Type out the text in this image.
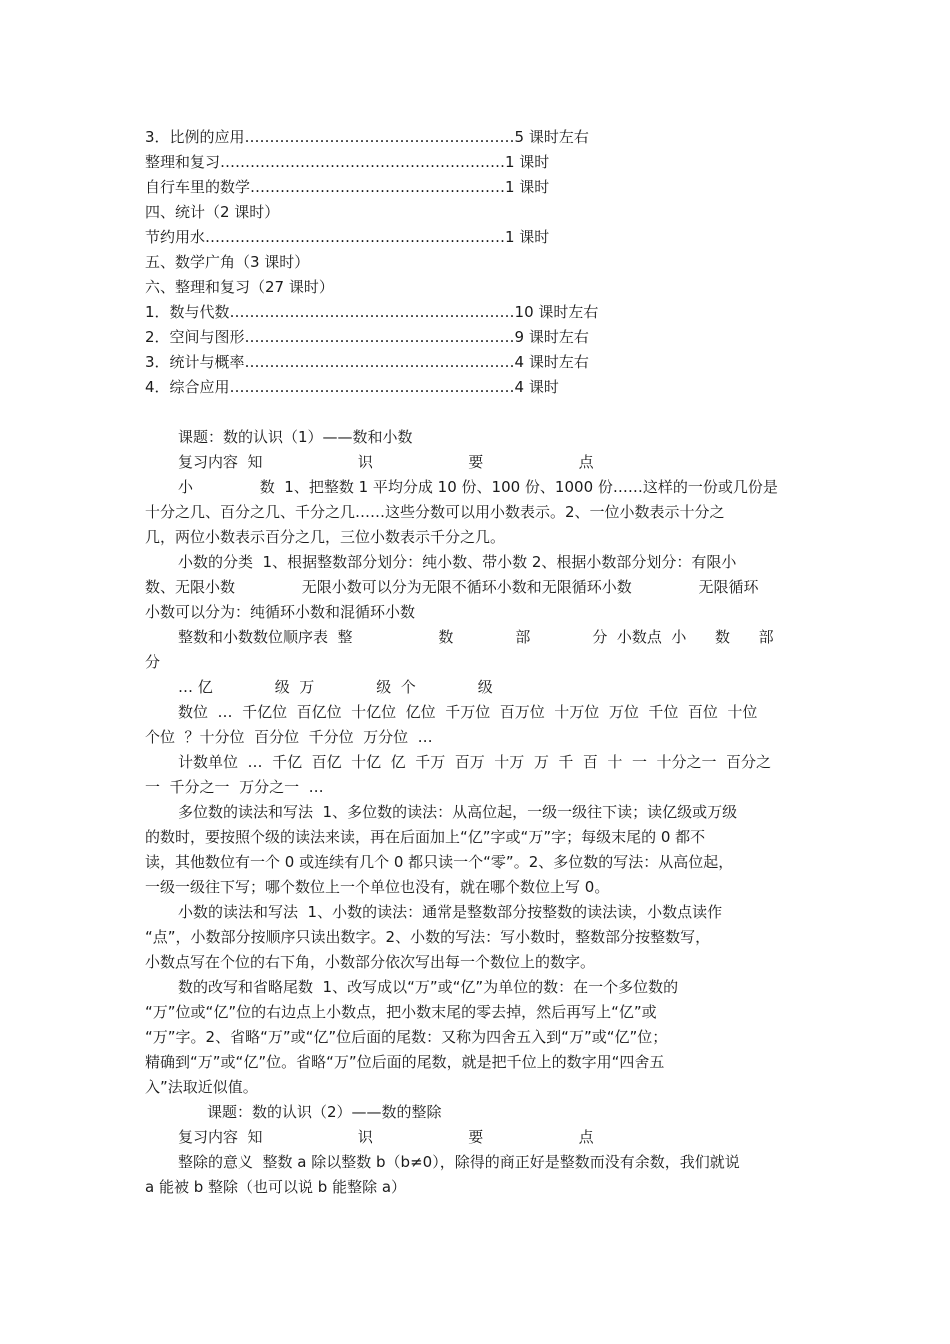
3．比例的应用………………………………………………5 课时左右
整理和复习…………………………………………………1 课时
自行车里的数学……………………………………………1 课时
四、统计（2 课时）
节约用水……………………………………………………1 课时
五、数学广角（3 课时）
六、整理和复习（27 课时）
1．数与代数…………………………………………………10 课时左右
2．空间与图形………………………………………………9 课时左右
3．统计与概率………………………………………………4 课时左右
4．综合应用…………………………………………………4 课时
课题：数的认识（1）——数和小数
复习内容  知                    识                    要                    点
小              数  1、把整数 1 平均分成 10 份、100 份、1000 份……这样的一份或几份是
十分之几、百分之几、千分之几……这些分数可以用小数表示。2、一位小数表示十分之
几，两位小数表示百分之几，三位小数表示千分之几。
小数的分类  1、根据整数部分划分：纯小数、带小数 2、根据小数部分划分：有限小
数、无限小数              无限小数可以分为无限不循环小数和无限循环小数              无限循环
小数可以分为：纯循环小数和混循环小数
整数和小数数位顺序表  整                  数             部             分  小数点  小      数      部
分
… 亿             级  万             级  个             级
数位  …  千亿位  百亿位  十亿位  亿位  千万位  百万位  十万位  万位  千位  百位  十位
个位  ？十分位  百分位  千分位  万分位  …
计数单位  …  千亿  百亿  十亿  亿  千万  百万  十万  万  千  百  十  一  十分之一  百分之
一  千分之一  万分之一  …
多位数的读法和写法  1、多位数的读法：从高位起，一级一级往下读；读亿级或万级
的数时，要按照个级的读法来读，再在后面加上“亿”字或“万”字；每级末尾的 0 都不
读，其他数位有一个 0 或连续有几个 0 都只读一个“零”。2、多位数的写法：从高位起，
一级一级往下写；哪个数位上一个单位也没有，就在哪个数位上写 0。
小数的读法和写法  1、小数的读法：通常是整数部分按整数的读法读，小数点读作
“点”，小数部分按顺序只读出数字。2、小数的写法：写小数时，整数部分按整数写，
小数点写在个位的右下角，小数部分依次写出每一个数位上的数字。
数的改写和省略尾数  1、改写成以“万”或“亿”为单位的数：在一个多位数的
“万”位或“亿”位的右边点上小数点，把小数末尾的零去掉，然后再写上“亿”或
“万”字。2、省略“万”或“亿”位后面的尾数：又称为四舍五入到“万”或“亿”位；
精确到“万”或“亿”位。省略“万”位后面的尾数，就是把千位上的数字用“四舍五
入”法取近似值。
课题：数的认识（2）——数的整除
复习内容  知                    识                    要                    点
整除的意义  整数 a 除以整数 b（b≠0），除得的商正好是整数而没有余数，我们就说
a 能被 b 整除（也可以说 b 能整除 a）
